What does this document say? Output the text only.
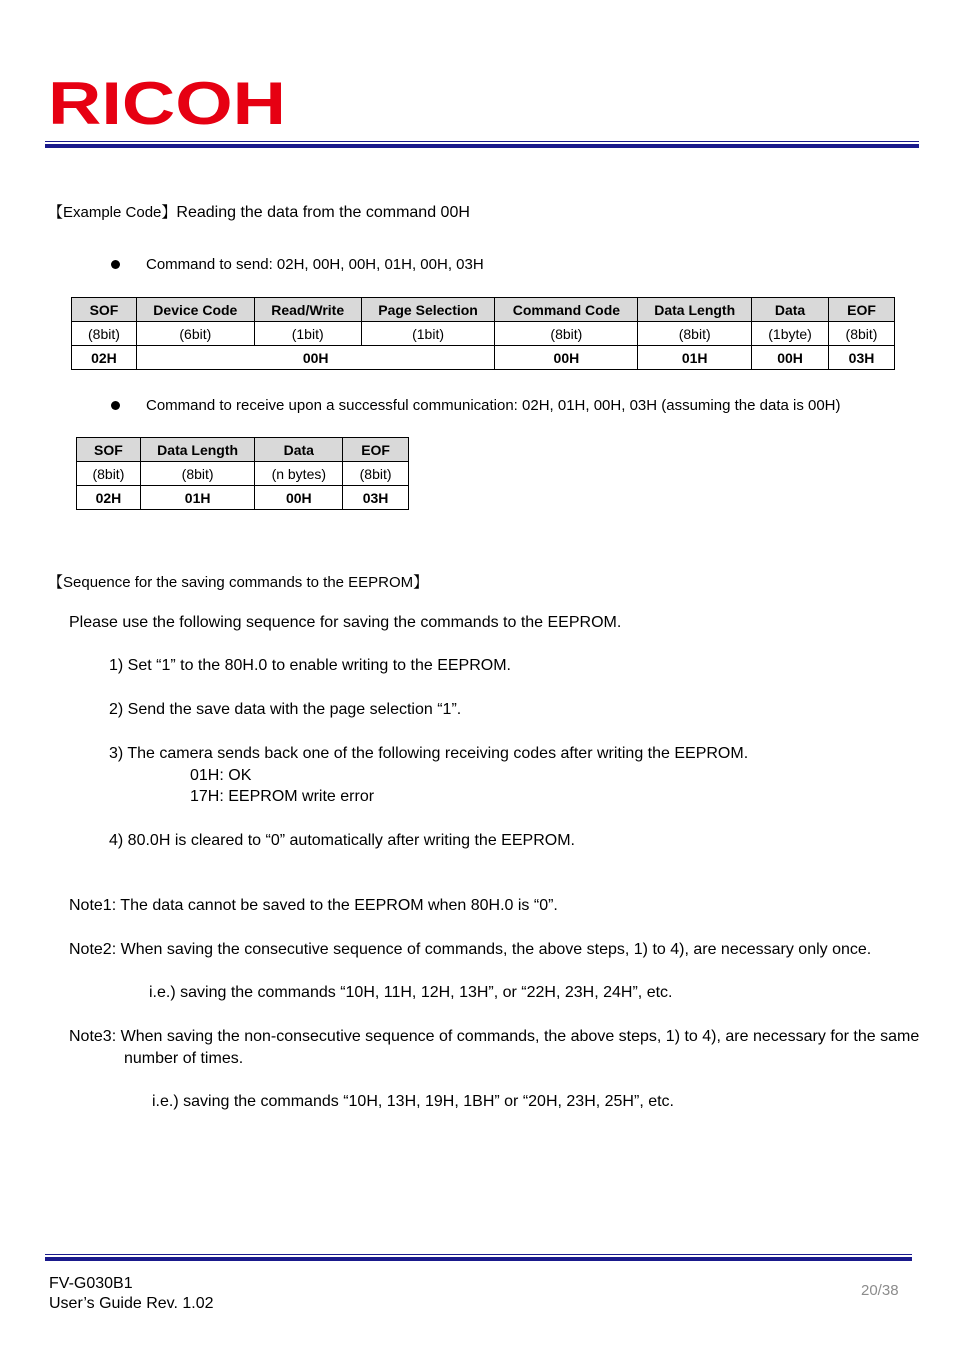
RICOH
【Example Code】Reading the data from the command 00H
Command to send: 02H, 00H, 00H, 01H, 00H, 03H
SOF	Device Code	Read/Write	Page Selection	Command Code	Data Length	Data	EOF
(8bit)	(6bit)	(1bit)	(1bit)	(8bit)	(8bit)	(1byte)	(8bit)
02H	00H			00H	01H	00H	03H
Command to receive upon a successful communication: 02H, 01H, 00H, 03H (assuming the data is 00H)
SOF	Data Length	Data	EOF
(8bit)	(8bit)	(n bytes)	(8bit)
02H	01H	00H	03H
【Sequence for the saving commands to the EEPROM】
Please use the following sequence for saving the commands to the EEPROM.
1) Set “1” to the 80H.0 to enable writing to the EEPROM.
2) Send the save data with the page selection “1”.
3) The camera sends back one of the following receiving codes after writing the EEPROM.
01H: OK
17H: EEPROM write error
4) 80.0H is cleared to “0” automatically after writing the EEPROM.
Note1: The data cannot be saved to the EEPROM when 80H.0 is “0”.
Note2: When saving the consecutive sequence of commands, the above steps, 1) to 4), are necessary only once.
i.e.) saving the commands “10H, 11H, 12H, 13H”, or “22H, 23H, 24H”, etc.
Note3: When saving the non-consecutive sequence of commands, the above steps, 1) to 4), are necessary for the same
number of times.
i.e.) saving the commands “10H, 13H, 19H, 1BH” or “20H, 23H, 25H”, etc.
FV-G030B1
User’s Guide Rev. 1.02
20/38
